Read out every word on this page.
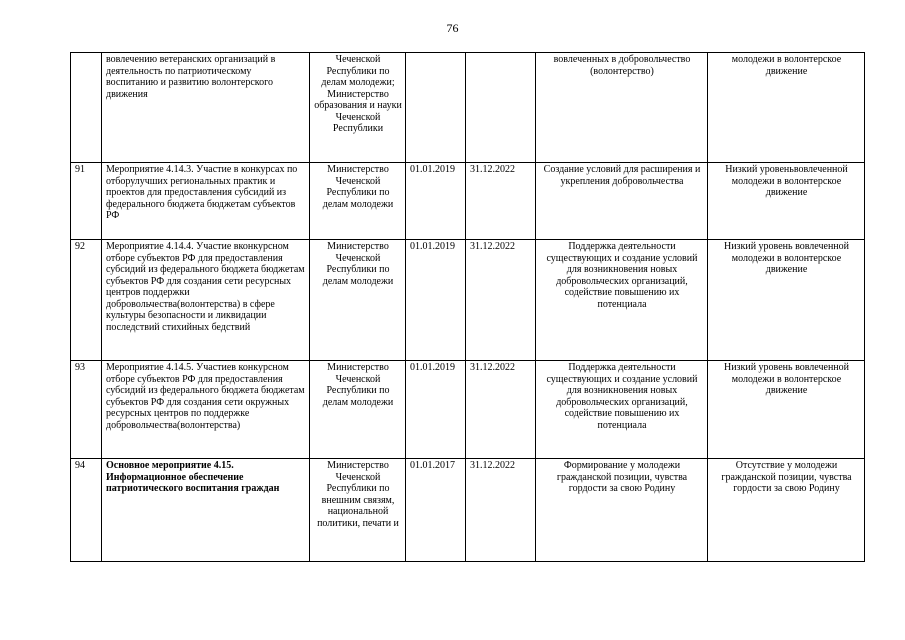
76
	вовлечению ветеранских организаций в деятельность по патриотическому воспитанию и развитию волонтерского движения	Чеченской Республики по делам молодежи; Министерство образования и науки Чеченской Республики			вовлеченных в добровольчество (волонтерство)	молодежи в волонтерское движение
91	Мероприятие 4.14.3. Участие в конкурсах по отборулучших региональных практик и проектов для предоставления субсидий из федерального бюджета бюджетам субъектов РФ	Министерство Чеченской Республики по делам молодежи	01.01.2019	31.12.2022	Создание условий для расширения и укрепления добровольчества	Низкий уровеньвовлеченной молодежи в волонтерское движение
92	Мероприятие 4.14.4. Участие вконкурсном отборе субъектов РФ для предоставления субсидий из федерального бюджета бюджетам субъектов РФ для создания сети ресурсных центров поддержки добровольчества(волонтерства) в сфере культуры безопасности и ликвидации последствий стихийных бедствий	Министерство Чеченской Республики по делам молодежи	01.01.2019	31.12.2022	Поддержка деятельности существующих и создание условий для возникновения новых добровольческих организаций, содействие повышению их потенциала	Низкий уровень вовлеченной молодежи в волонтерское движение
93	Мероприятие 4.14.5. Участиев конкурсном отборе субъектов РФ для предоставления субсидий из федерального бюджета бюджетам субъектов РФ для создания сети окружных ресурсных центров по поддержке добровольчества(волонтерства)	Министерство Чеченской Республики по делам молодежи	01.01.2019	31.12.2022	Поддержка деятельности существующих и создание условий для возникновения новых добровольческих организаций, содействие повышению их потенциала	Низкий уровень вовлеченной молодежи в волонтерское движение
94	Основное мероприятие 4.15. Информационное обеспечение патриотического воспитания граждан	Министерство Чеченской Республики по внешним связям, национальной политики, печати и	01.01.2017	31.12.2022	Формирование у молодежи гражданской позиции, чувства гордости за свою Родину	Отсутствие у молодежи гражданской позиции, чувства гордости за свою Родину
